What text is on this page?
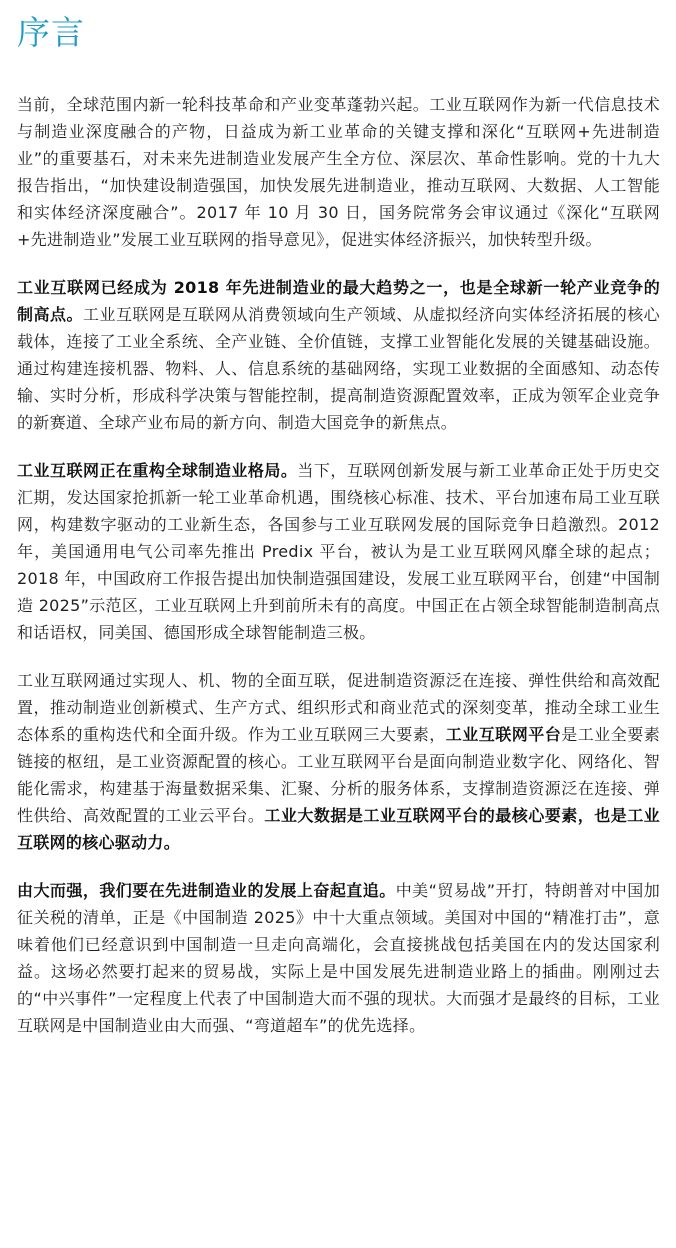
序言

当前，全球范围内新一轮科技革命和产业变革蓬勃兴起。工业互联网作为新一代信息技术与制造业深度融合的产物，日益成为新工业革命的关键支撑和深化“互联网+先进制造业”的重要基石，对未来先进制造业发展产生全方位、深层次、革命性影响。党的十九大报告指出，“加快建设制造强国，加快发展先进制造业，推动互联网、大数据、人工智能和实体经济深度融合”。2017 年 10 月 30 日，国务院常务会审议通过《深化“互联网+先进制造业”发展工业互联网的指导意见》，促进实体经济振兴，加快转型升级。

工业互联网已经成为 2018 年先进制造业的最大趋势之一，也是全球新一轮产业竞争的制高点。工业互联网是互联网从消费领域向生产领域、从虚拟经济向实体经济拓展的核心载体，连接了工业全系统、全产业链、全价值链，支撑工业智能化发展的关键基础设施。通过构建连接机器、物料、人、信息系统的基础网络，实现工业数据的全面感知、动态传输、实时分析，形成科学决策与智能控制，提高制造资源配置效率，正成为领军企业竞争的新赛道、全球产业布局的新方向、制造大国竞争的新焦点。

工业互联网正在重构全球制造业格局。当下，互联网创新发展与新工业革命正处于历史交汇期，发达国家抢抓新一轮工业革命机遇，围绕核心标准、技术、平台加速布局工业互联网，构建数字驱动的工业新生态，各国参与工业互联网发展的国际竞争日趋激烈。2012 年，美国通用电气公司率先推出 Predix 平台，被认为是工业互联网风靡全球的起点；2018 年，中国政府工作报告提出加快制造强国建设，发展工业互联网平台，创建“中国制造 2025”示范区，工业互联网上升到前所未有的高度。中国正在占领全球智能制造制高点和话语权，同美国、德国形成全球智能制造三极。

工业互联网通过实现人、机、物的全面互联，促进制造资源泛在连接、弹性供给和高效配置，推动制造业创新模式、生产方式、组织形式和商业范式的深刻变革，推动全球工业生态体系的重构迭代和全面升级。作为工业互联网三大要素，工业互联网平台是工业全要素链接的枢纽，是工业资源配置的核心。工业互联网平台是面向制造业数字化、网络化、智能化需求，构建基于海量数据采集、汇聚、分析的服务体系，支撑制造资源泛在连接、弹性供给、高效配置的工业云平台。工业大数据是工业互联网平台的最核心要素，也是工业互联网的核心驱动力。

由大而强，我们要在先进制造业的发展上奋起直追。中美“贸易战”开打，特朗普对中国加征关税的清单，正是《中国制造 2025》中十大重点领域。美国对中国的“精准打击”，意味着他们已经意识到中国制造一旦走向高端化，会直接挑战包括美国在内的发达国家利益。这场必然要打起来的贸易战，实际上是中国发展先进制造业路上的插曲。刚刚过去的“中兴事件”一定程度上代表了中国制造大而不强的现状。大而强才是最终的目标，工业互联网是中国制造业由大而强、“弯道超车”的优先选择。
